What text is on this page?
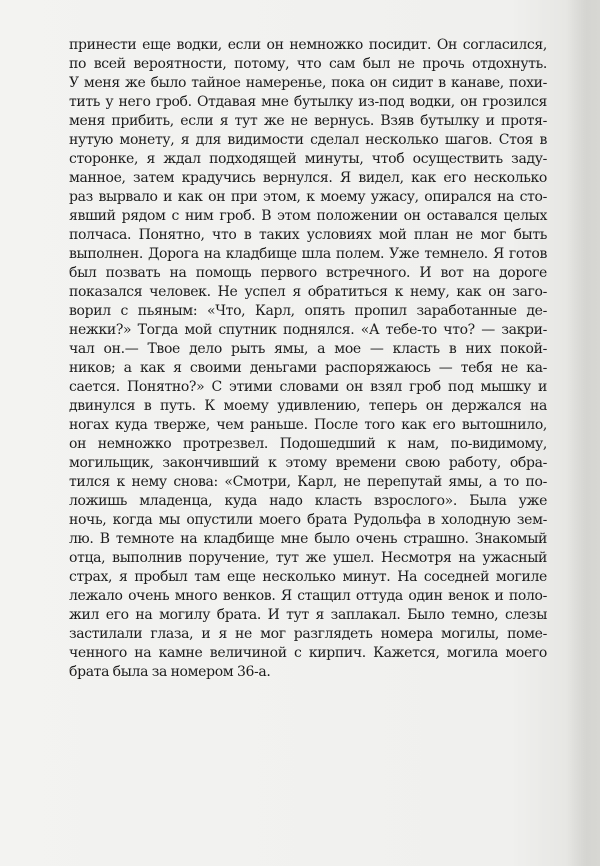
принести еще водки, если он немножко посидит. Он согласился,
по всей вероятности, потому, что сам был не прочь отдохнуть.
У меня же было тайное намеренье, пока он сидит в канаве, похи-
тить у него гроб. Отдавая мне бутылку из-под водки, он грозился
меня прибить, если я тут же не вернусь. Взяв бутылку и протя-
нутую монету, я для видимости сделал несколько шагов. Стоя в
сторонке, я ждал подходящей минуты, чтоб осуществить заду-
манное, затем крадучись вернулся. Я видел, как его несколько
раз вырвало и как он при этом, к моему ужасу, опирался на сто-
явший рядом с ним гроб. В этом положении он оставался целых
полчаса. Понятно, что в таких условиях мой план не мог быть
выполнен. Дорога на кладбище шла полем. Уже темнело. Я готов
был позвать на помощь первого встречного. И вот на дороге
показался человек. Не успел я обратиться к нему, как он заго-
ворил с пьяным: «Что, Карл, опять пропил заработанные де-
нежки?» Тогда мой спутник поднялся. «А тебе-то что? — закри-
чал он.— Твое дело рыть ямы, а мое — класть в них покой-
ников; а как я своими деньгами распоряжаюсь — тебя не ка-
сается. Понятно?» С этими словами он взял гроб под мышку и
двинулся в путь. К моему удивлению, теперь он держался на
ногах куда тверже, чем раньше. После того как его вытошнило,
он немножко протрезвел. Подошедший к нам, по-видимому,
могильщик, закончивший к этому времени свою работу, обра-
тился к нему снова: «Смотри, Карл, не перепутай ямы, а то по-
ложишь младенца, куда надо класть взрослого». Была уже
ночь, когда мы опустили моего брата Рудольфа в холодную зем-
лю. В темноте на кладбище мне было очень страшно. Знакомый
отца, выполнив поручение, тут же ушел. Несмотря на ужасный
страх, я пробыл там еще несколько минут. На соседней могиле
лежало очень много венков. Я стащил оттуда один венок и поло-
жил его на могилу брата. И тут я заплакал. Было темно, слезы
застилали глаза, и я не мог разглядеть номера могилы, поме-
ченного на камне величиной с кирпич. Кажется, могила моего
брата была за номером 36-а.
